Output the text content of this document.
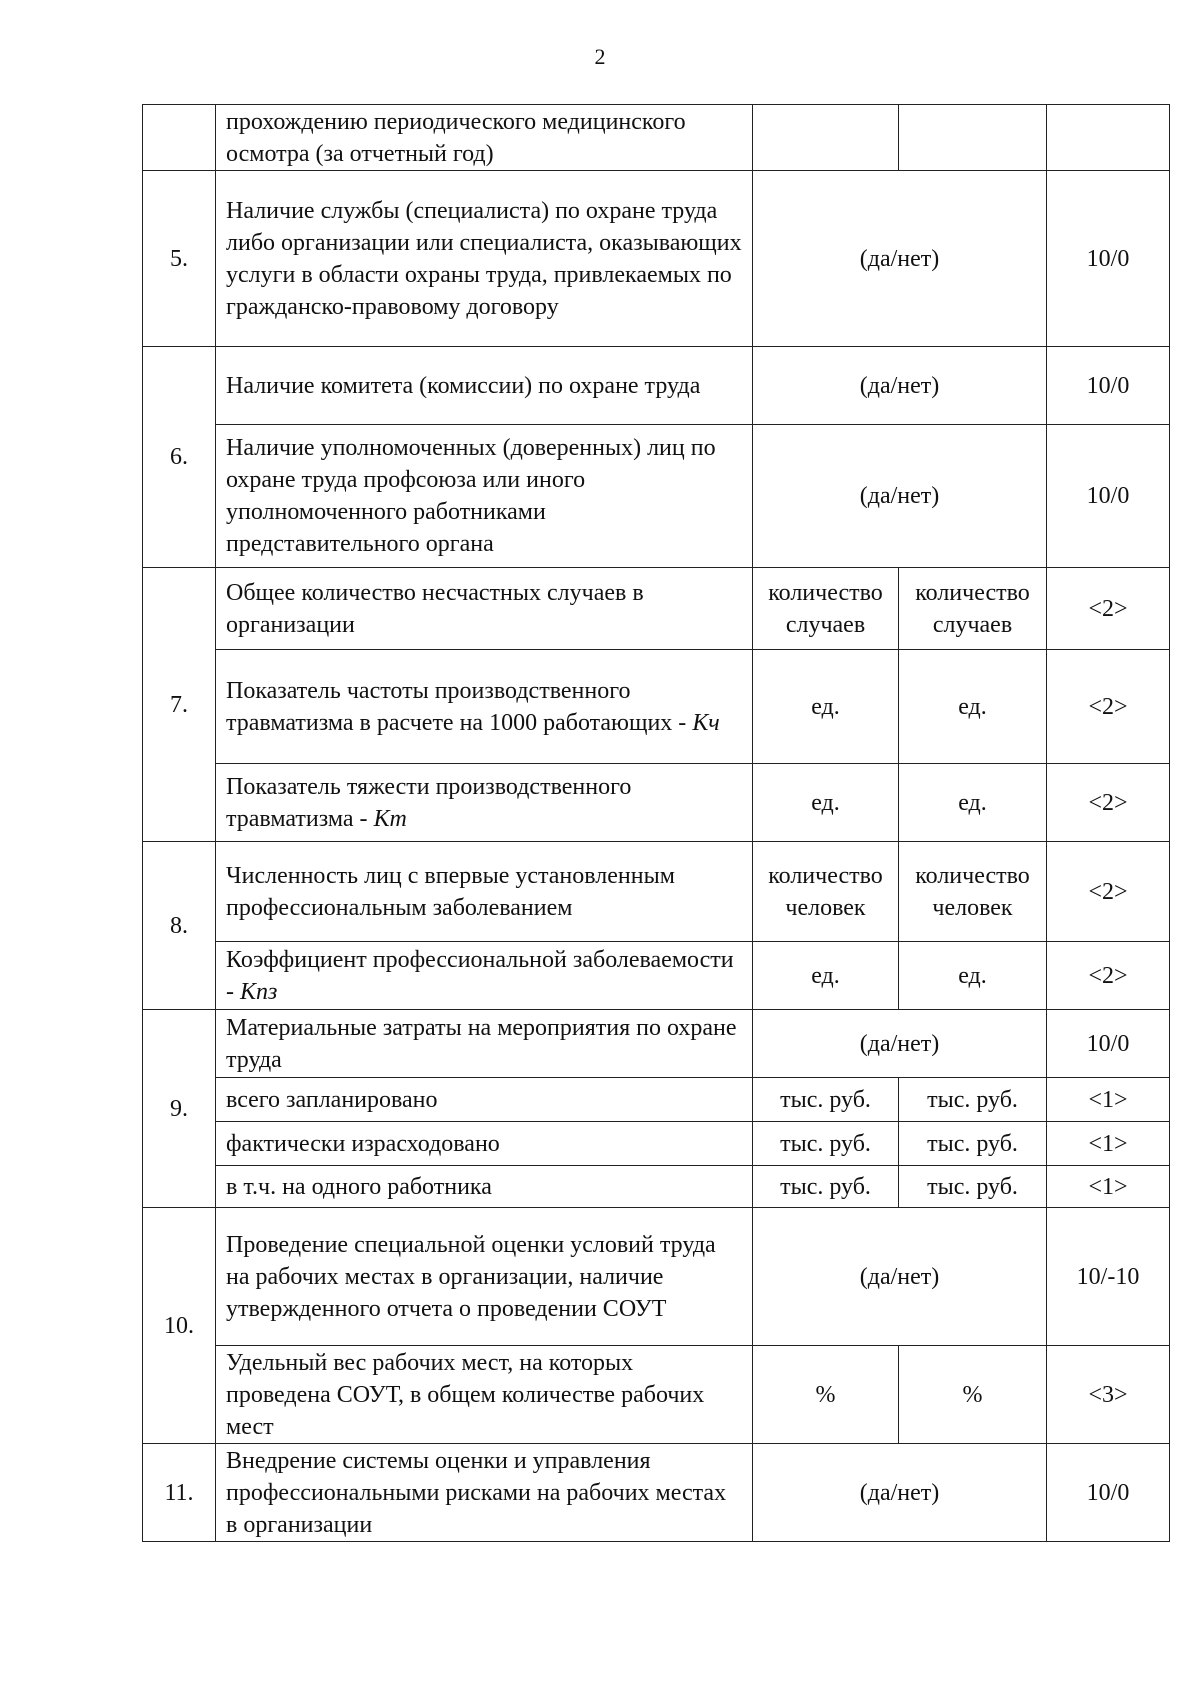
2
	прохождению периодического медицинского осмотра (за отчетный год)			
5.	Наличие службы (специалиста) по охране труда либо организации или специалиста, оказывающих услуги в области охраны труда, привлекаемых по гражданско-правовому договору	(да/нет)		10/0
6.	Наличие комитета (комиссии) по охране труда	(да/нет)		10/0
	Наличие уполномоченных (доверенных) лиц по охране труда профсоюза или иного уполномоченного работниками представительного органа	(да/нет)		10/0
7.	Общее количество несчастных случаев в организации	количество случаев	количество случаев	<2>
	Показатель частоты производственного травматизма в расчете на 1000 работающих - Кч	ед.	ед.	<2>
	Показатель тяжести производственного травматизма - Кт	ед.	ед.	<2>
8.	Численность лиц с впервые установленным профессиональным заболеванием	количество человек	количество человек	<2>
	Коэффициент профессиональной заболеваемости - Кпз	ед.	ед.	<2>
9.	Материальные затраты на мероприятия по охране труда	(да/нет)		10/0
	всего запланировано	тыс. руб.	тыс. руб.	<1>
	фактически израсходовано	тыс. руб.	тыс. руб.	<1>
	в т.ч. на одного работника	тыс. руб.	тыс. руб.	<1>
10.	Проведение специальной оценки условий труда на рабочих местах в организации, наличие утвержденного отчета о проведении СОУТ	(да/нет)		10/-10
	Удельный вес рабочих мест, на которых проведена СОУТ, в общем количестве рабочих мест	%	%	<3>
11.	Внедрение системы оценки и управления профессиональными рисками на рабочих местах в организации	(да/нет)		10/0
